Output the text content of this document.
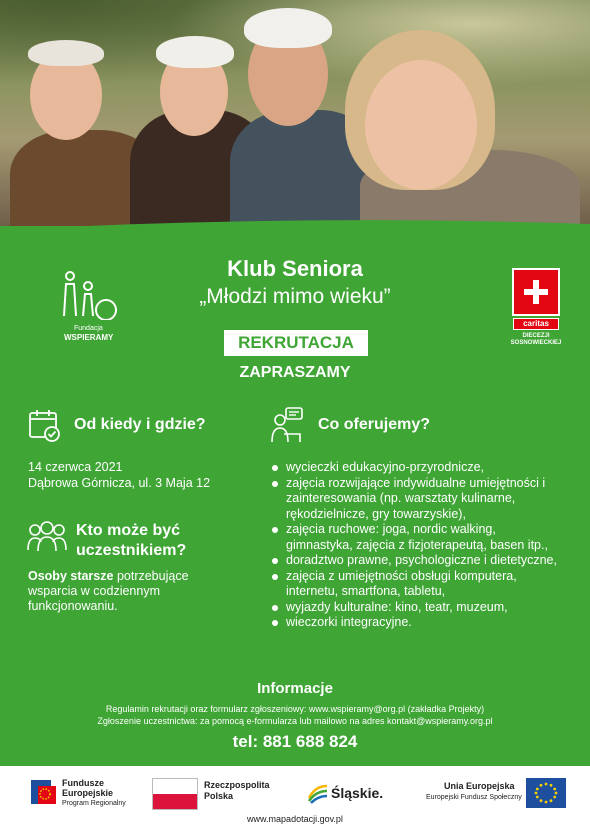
Fundacja
WSPIERAMY
caritas
DIECEZJI
SOSNOWIECKIEJ
Klub Seniora
„Młodzi mimo wieku”
REKRUTACJA
ZAPRASZAMY
Od kiedy i gdzie?
14 czerwca 2021
Dąbrowa Górnicza, ul. 3 Maja 12
Kto może być
uczestnikiem?
Osoby starsze potrzebujące
wsparcia w codziennym
funkcjonowaniu.
Co oferujemy?
wycieczki edukacyjno-przyrodnicze,
zajęcia rozwijające indywidualne umiejętności i zainteresowania (np. warsztaty kulinarne, rękodzielnicze, gry towarzyskie),
zajęcia ruchowe: joga, nordic walking, gimnastyka, zajęcia z fizjoterapeutą, basen itp.,
doradztwo prawne, psychologiczne i dietetyczne,
zajęcia z umiejętności obsługi komputera, internetu, smartfona, tabletu,
wyjazdy kulturalne: kino, teatr, muzeum,
wieczorki integracyjne.
Informacje
Regulamin rekrutacji oraz formularz zgłoszeniowy: www.wspieramy@org.pl (zakładka Projekty)
Zgłoszenie uczestnictwa: za pomocą e-formularza lub mailowo na adres kontakt@wspieramy.org.pl
tel: 881 688 824
Fundusze
Europejskie
Program Regionalny
Rzeczpospolita
Polska	Śląskie.	Unia Europejska
Europejski Fundusz Społeczny
www.mapadotacji.gov.pl
